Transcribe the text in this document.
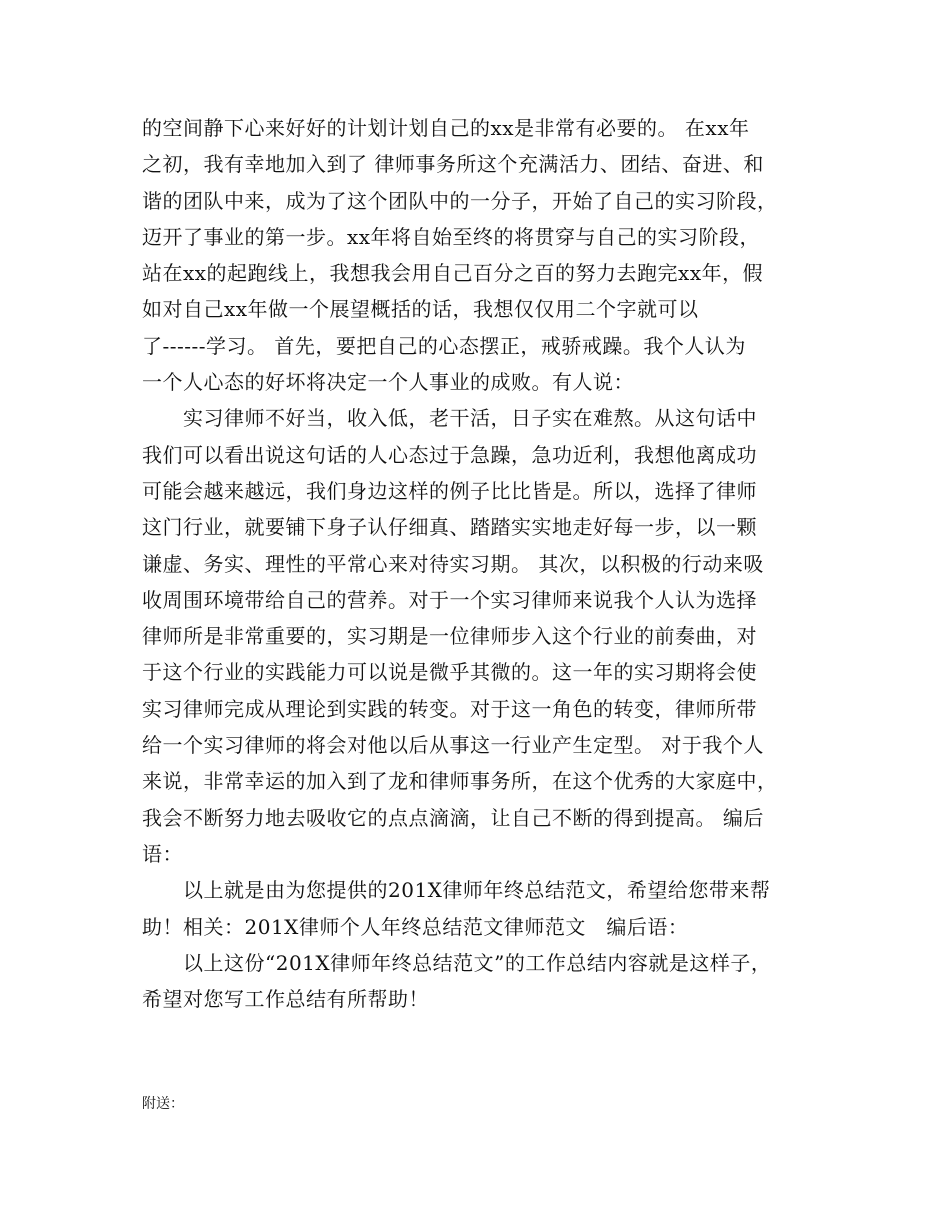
的空间静下心来好好的计划计划自己的xx是非常有必要的。 在xx年
之初，我有幸地加入到了 律师事务所这个充满活力、团结、奋进、和
谐的团队中来，成为了这个团队中的一分子，开始了自己的实习阶段，
迈开了事业的第一步。xx年将自始至终的将贯穿与自己的实习阶段，
站在xx的起跑线上，我想我会用自己百分之百的努力去跑完xx年，假
如对自己xx年做一个展望概括的话，我想仅仅用二个字就可以
了------学习。 首先，要把自己的心态摆正，戒骄戒躁。我个人认为
一个人心态的好坏将决定一个人事业的成败。有人说：
　　实习律师不好当，收入低，老干活，日子实在难熬。从这句话中
我们可以看出说这句话的人心态过于急躁，急功近利，我想他离成功
可能会越来越远，我们身边这样的例子比比皆是。所以，选择了律师
这门行业，就要铺下身子认仔细真、踏踏实实地走好每一步，以一颗
谦虚、务实、理性的平常心来对待实习期。 其次，以积极的行动来吸
收周围环境带给自己的营养。对于一个实习律师来说我个人认为选择
律师所是非常重要的，实习期是一位律师步入这个行业的前奏曲，对
于这个行业的实践能力可以说是微乎其微的。这一年的实习期将会使
实习律师完成从理论到实践的转变。对于这一角色的转变，律师所带
给一个实习律师的将会对他以后从事这一行业产生定型。 对于我个人
来说，非常幸运的加入到了龙和律师事务所，在这个优秀的大家庭中，
我会不断努力地去吸收它的点点滴滴，让自己不断的得到提高。 编后
语：
　　以上就是由为您提供的201X律师年终总结范文，希望给您带来帮
助！相关：201X律师个人年终总结范文律师范文　编后语：
　　以上这份“201X律师年终总结范文”的工作总结内容就是这样子，
希望对您写工作总结有所帮助！
附送：
